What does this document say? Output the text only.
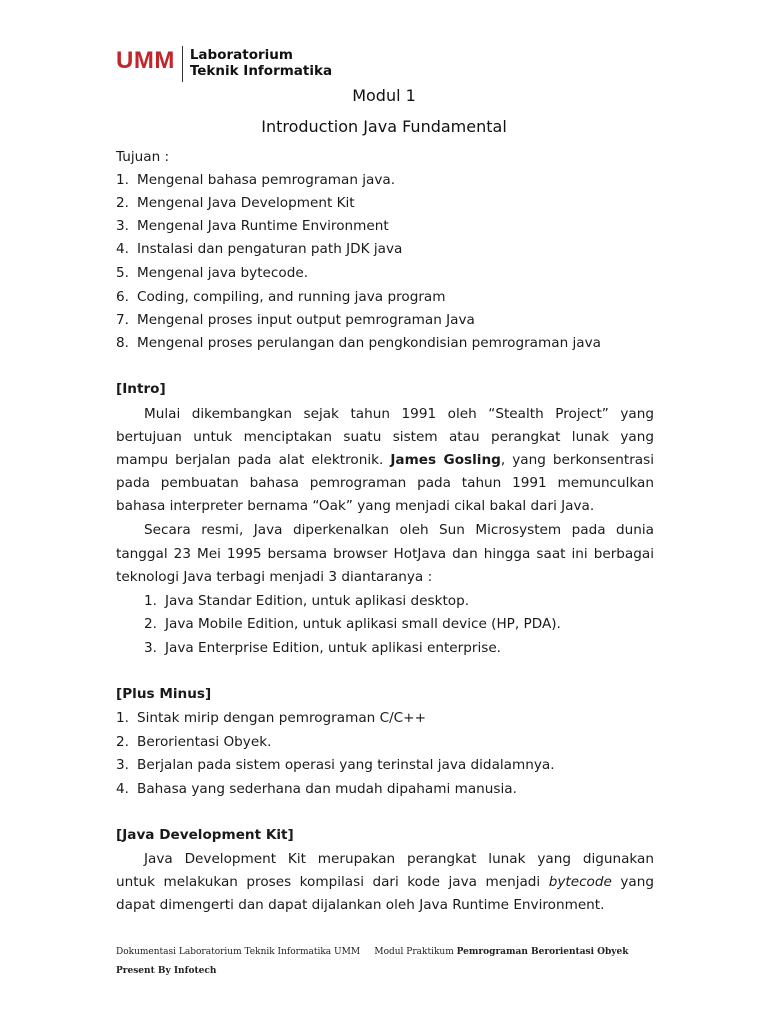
UMM	Laboratorium
Teknik Informatika
Modul 1
Introduction Java Fundamental
Tujuan :
1. Mengenal bahasa pemrograman java.
2. Mengenal Java Development Kit
3. Mengenal Java Runtime Environment
4. Instalasi dan pengaturan path JDK java
5. Mengenal java bytecode.
6. Coding, compiling, and running java program
7. Mengenal proses input output pemrograman Java
8. Mengenal proses perulangan dan pengkondisian pemrograman java
[Intro]
Mulai dikembangkan sejak tahun 1991 oleh “Stealth Project” yang
bertujuan untuk menciptakan suatu sistem atau perangkat lunak yang
mampu berjalan pada alat elektronik. James Gosling, yang berkonsentrasi
pada pembuatan bahasa pemrograman pada tahun 1991 memunculkan
bahasa interpreter bernama “Oak” yang menjadi cikal bakal dari Java.
Secara resmi, Java diperkenalkan oleh Sun Microsystem pada dunia
tanggal 23 Mei 1995 bersama browser HotJava dan hingga saat ini berbagai
teknologi Java terbagi menjadi 3 diantaranya :
1. Java Standar Edition, untuk aplikasi desktop.
2. Java Mobile Edition, untuk aplikasi small device (HP, PDA).
3. Java Enterprise Edition, untuk aplikasi enterprise.
[Plus Minus]
1. Sintak mirip dengan pemrograman C/C++
2. Berorientasi Obyek.
3. Berjalan pada sistem operasi yang terinstal java didalamnya.
4. Bahasa yang sederhana dan mudah dipahami manusia.
[Java Development Kit]
Java Development Kit merupakan perangkat lunak yang digunakan
untuk melakukan proses kompilasi dari kode java menjadi bytecode yang
dapat dimengerti dan dapat dijalankan oleh Java Runtime Environment.
Dokumentasi Laboratorium Teknik Informatika UMM Modul Praktikum Pemrograman Berorientasi Obyek
Present By Infotech
